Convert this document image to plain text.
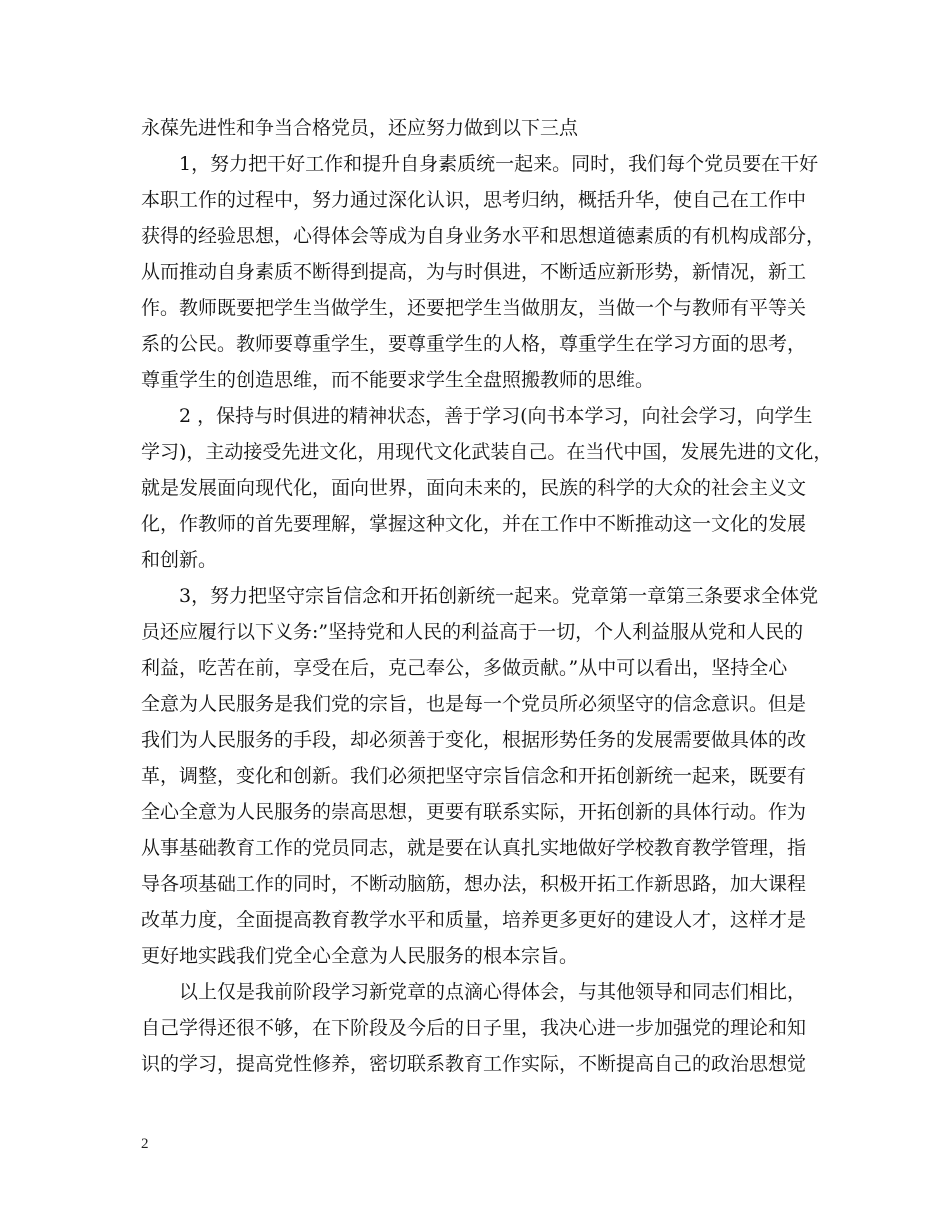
永葆先进性和争当合格党员，还应努力做到以下三点
　　1，努力把干好工作和提升自身素质统一起来。同时，我们每个党员要在干好
本职工作的过程中，努力通过深化认识，思考归纳，概括升华，使自己在工作中
获得的经验思想，心得体会等成为自身业务水平和思想道德素质的有机构成部分，
从而推动自身素质不断得到提高，为与时俱进，不断适应新形势，新情况，新工
作。教师既要把学生当做学生，还要把学生当做朋友，当做一个与教师有平等关
系的公民。教师要尊重学生，要尊重学生的人格，尊重学生在学习方面的思考，
尊重学生的创造思维，而不能要求学生全盘照搬教师的思维。
　　2 ，保持与时俱进的精神状态，善于学习(向书本学习，向社会学习，向学生
学习)，主动接受先进文化，用现代文化武装自己。在当代中国，发展先进的文化，
就是发展面向现代化，面向世界，面向未来的，民族的科学的大众的社会主义文
化，作教师的首先要理解，掌握这种文化，并在工作中不断推动这一文化的发展
和创新。
　　3，努力把坚守宗旨信念和开拓创新统一起来。党章第一章第三条要求全体党
员还应履行以下义务:”坚持党和人民的利益高于一切，个人利益服从党和人民的
利益，吃苦在前，享受在后，克己奉公，多做贡献。”从中可以看出，坚持全心
全意为人民服务是我们党的宗旨，也是每一个党员所必须坚守的信念意识。但是
我们为人民服务的手段，却必须善于变化，根据形势任务的发展需要做具体的改
革，调整，变化和创新。我们必须把坚守宗旨信念和开拓创新统一起来，既要有
全心全意为人民服务的崇高思想，更要有联系实际，开拓创新的具体行动。作为
从事基础教育工作的党员同志，就是要在认真扎实地做好学校教育教学管理，指
导各项基础工作的同时，不断动脑筋，想办法，积极开拓工作新思路，加大课程
改革力度，全面提高教育教学水平和质量，培养更多更好的建设人才，这样才是
更好地实践我们党全心全意为人民服务的根本宗旨。
　　以上仅是我前阶段学习新党章的点滴心得体会，与其他领导和同志们相比，
自己学得还很不够，在下阶段及今后的日子里，我决心进一步加强党的理论和知
识的学习，提高党性修养，密切联系教育工作实际，不断提高自己的政治思想觉
2
